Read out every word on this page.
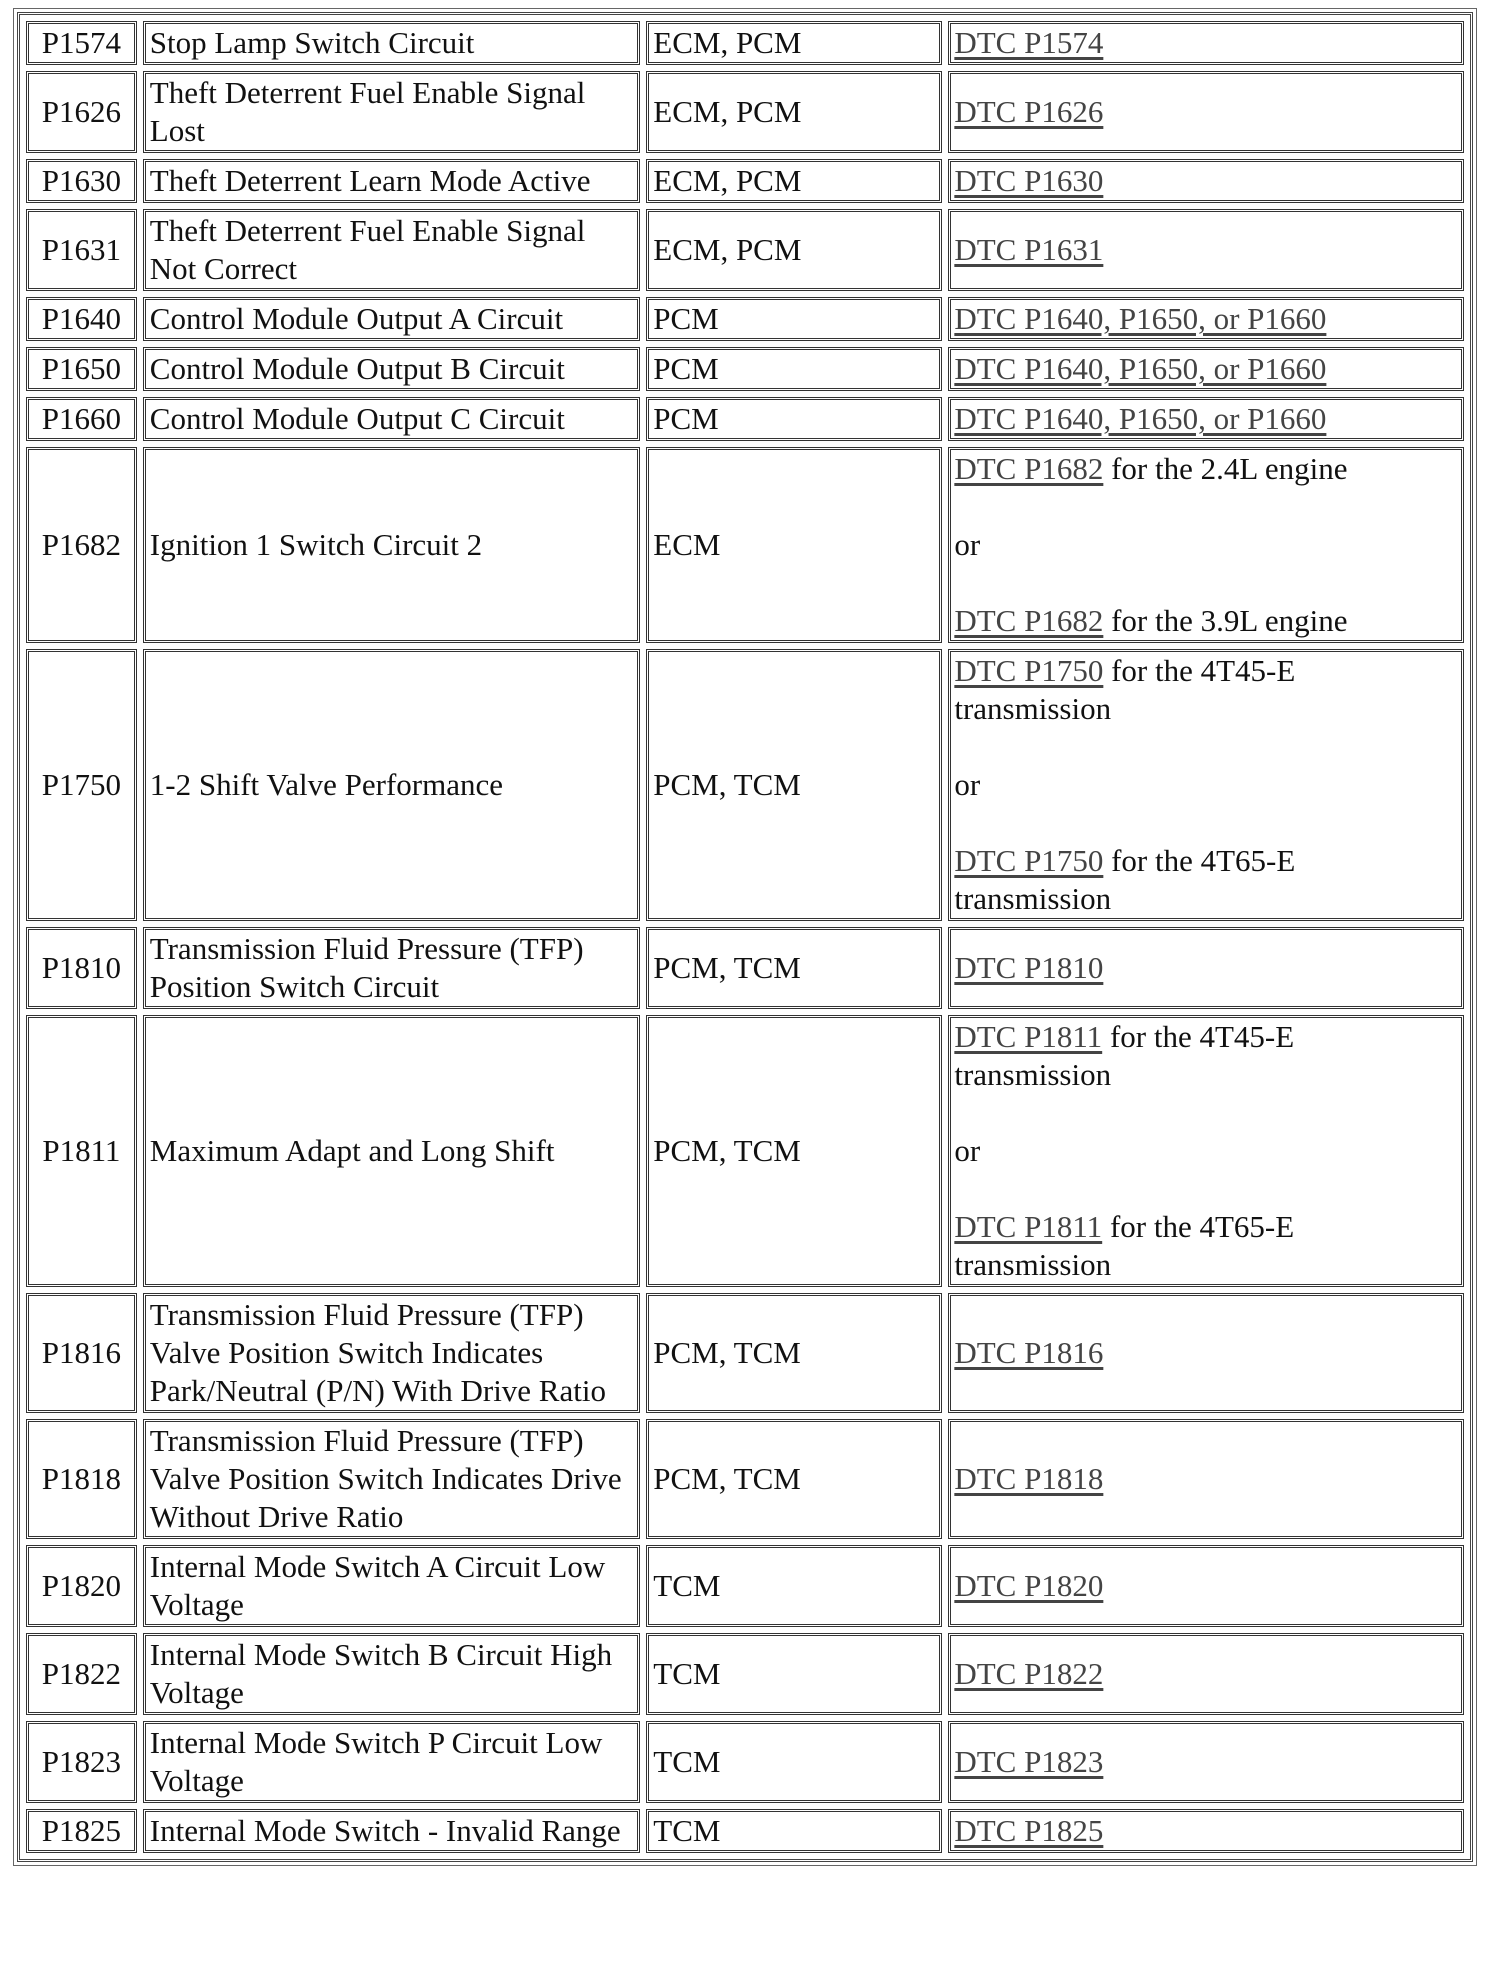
P1574	Stop Lamp Switch Circuit	ECM, PCM	DTC P1574
P1626	Theft Deterrent Fuel Enable Signal Lost	ECM, PCM	DTC P1626
P1630	Theft Deterrent Learn Mode Active	ECM, PCM	DTC P1630
P1631	Theft Deterrent Fuel Enable Signal Not Correct	ECM, PCM	DTC P1631
P1640	Control Module Output A Circuit	PCM	DTC P1640, P1650, or P1660
P1650	Control Module Output B Circuit	PCM	DTC P1640, P1650, or P1660
P1660	Control Module Output C Circuit	PCM	DTC P1640, P1650, or P1660
P1682	Ignition 1 Switch Circuit 2	ECM	DTC P1682 for the 2.4L engine
or
DTC P1682 for the 3.9L engine
P1750	1-2 Shift Valve Performance	PCM, TCM	DTC P1750 for the 4T45-E transmission
or
DTC P1750 for the 4T65-E transmission
P1810	Transmission Fluid Pressure (TFP) Position Switch Circuit	PCM, TCM	DTC P1810
P1811	Maximum Adapt and Long Shift	PCM, TCM	DTC P1811 for the 4T45-E transmission
or
DTC P1811 for the 4T65-E transmission
P1816	Transmission Fluid Pressure (TFP) Valve Position Switch Indicates Park/Neutral (P/N) With Drive Ratio	PCM, TCM	DTC P1816
P1818	Transmission Fluid Pressure (TFP) Valve Position Switch Indicates Drive Without Drive Ratio	PCM, TCM	DTC P1818
P1820	Internal Mode Switch A Circuit Low Voltage	TCM	DTC P1820
P1822	Internal Mode Switch B Circuit High Voltage	TCM	DTC P1822
P1823	Internal Mode Switch P Circuit Low Voltage	TCM	DTC P1823
P1825	Internal Mode Switch - Invalid Range	TCM	DTC P1825
